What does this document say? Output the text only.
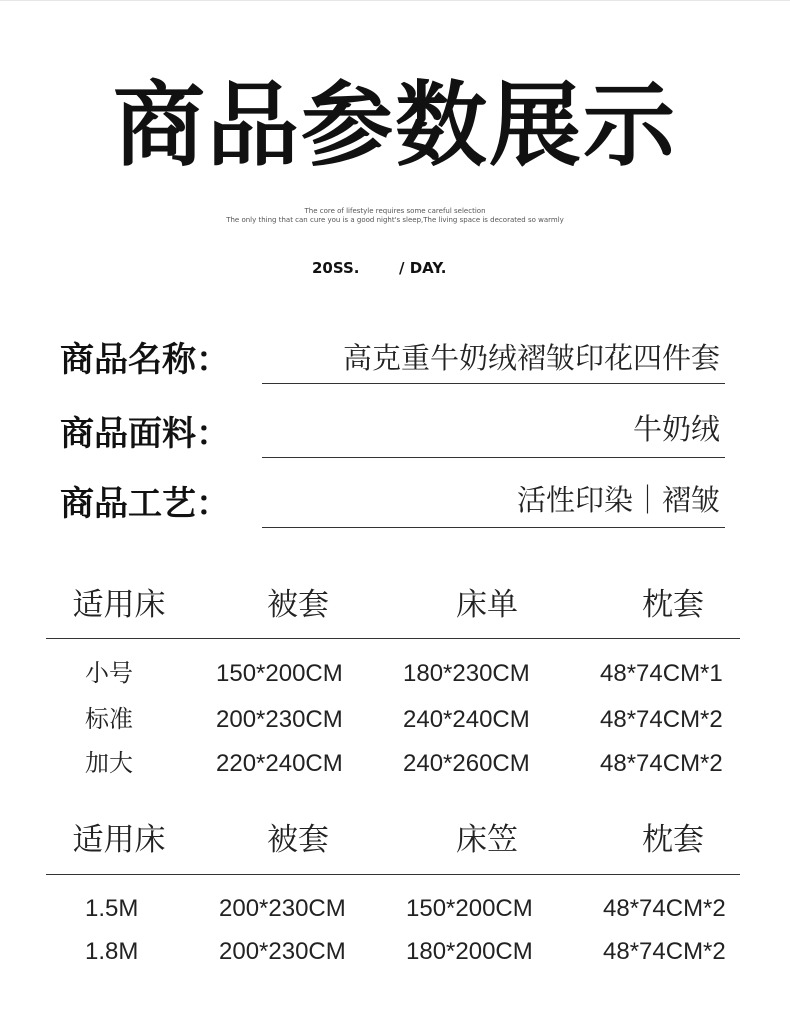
商品参数展示
The core of lifestyle requires some careful selection
The only thing that can cure you is a good night's sleep,The living space is decorated so warmly
20SS.	/ DAY.
商品名称：	高克重牛奶绒褶皱印花四件套
商品面料：	牛奶绒
商品工艺：	活性印染｜褶皱
适用床	被套	床单	枕套
小号	150*200CM	180*230CM	48*74CM*1
标准	200*230CM	240*240CM	48*74CM*2
加大	220*240CM	240*260CM	48*74CM*2
适用床	被套	床笠	枕套
1.5M	200*230CM	150*200CM	48*74CM*2
1.8M	200*230CM	180*200CM	48*74CM*2
